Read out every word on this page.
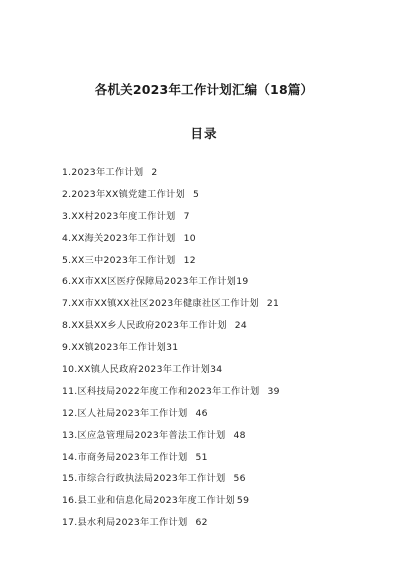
各机关2023年工作计划汇编（18篇）
目录
1.2023年工作计划 2
2.2023年XX镇党建工作计划 5
3.XX村2023年度工作计划 7
4.XX海关2023年工作计划 10
5.XX三中2023年工作计划 12
6.XX市XX区医疗保障局2023年工作计划19
7.XX市XX镇XX社区2023年健康社区工作计划 21
8.XX县XX乡人民政府2023年工作计划 24
9.XX镇2023年工作计划31
10.XX镇人民政府2023年工作计划34
11.区科技局2022年度工作和2023年工作计划 39
12.区人社局2023年工作计划 46
13.区应急管理局2023年普法工作计划 48
14.市商务局2023年工作计划 51
15.市综合行政执法局2023年工作计划 56
16.县工业和信息化局2023年度工作计划 59
17.县水利局2023年工作计划 62
